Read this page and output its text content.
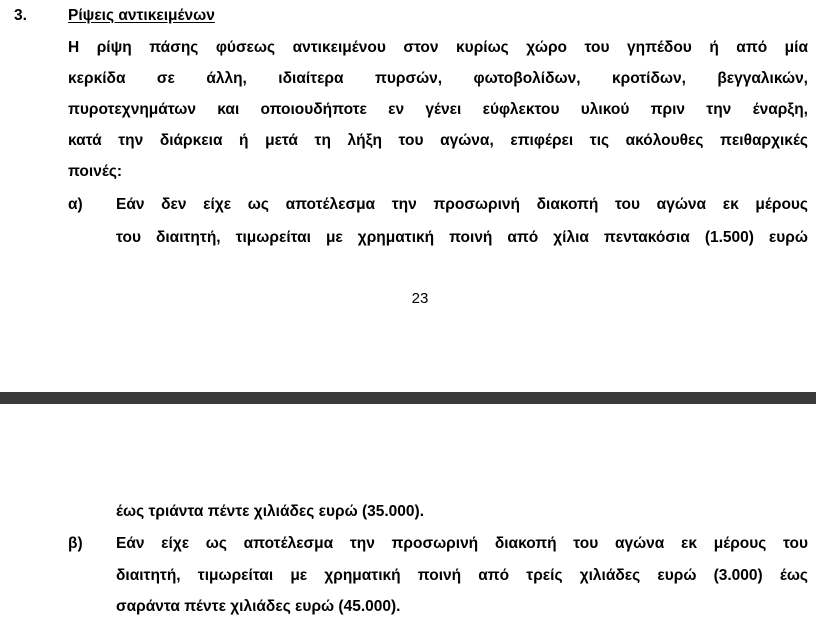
3.	Ρίψεις αντικειμένων
Η ρίψη πάσης φύσεως αντικειμένου στον κυρίως χώρο του γηπέδου ή από μία
κερκίδα σε άλλη, ιδιαίτερα πυρσών, φωτοβολίδων, κροτίδων, βεγγαλικών,
πυροτεχνημάτων και οποιουδήποτε εν γένει εύφλεκτου υλικού πριν την έναρξη,
κατά την διάρκεια ή μετά τη λήξη του αγώνα, επιφέρει τις ακόλουθες πειθαρχικές
ποινές:
α) Εάν δεν είχε ως αποτέλεσμα την προσωρινή διακοπή του αγώνα εκ μέρους
του διαιτητή, τιμωρείται με χρηματική ποινή από χίλια πεντακόσια (1.500) ευρώ
23
έως τριάντα πέντε χιλιάδες ευρώ (35.000).
β) Εάν είχε ως αποτέλεσμα την προσωρινή διακοπή του αγώνα εκ μέρους του
διαιτητή, τιμωρείται με χρηματική ποινή από τρείς χιλιάδες ευρώ (3.000) έως
σαράντα πέντε χιλιάδες ευρώ (45.000).
